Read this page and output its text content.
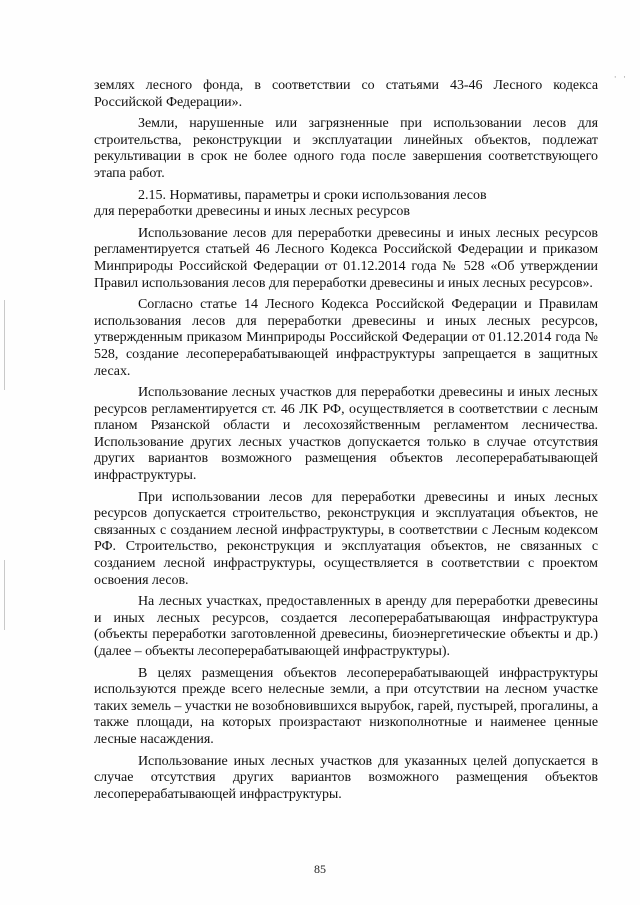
· ·

землях лесного фонда, в соответствии со статьями 43-46 Лесного кодекса Российской Федерации».

Земли, нарушенные или загрязненные при использовании лесов для строительства, реконструкции и эксплуатации линейных объектов, подлежат рекультивации в срок не более одного года после завершения соответствующего этапа работ.

2.15. Нормативы, параметры и сроки использования лесов

для переработки древесины и иных лесных ресурсов

Использование лесов для переработки древесины и иных лесных ресурсов регламентируется статьей 46 Лесного Кодекса Российской Федерации и приказом Минприроды Российской Федерации от 01.12.2014 года № 528 «Об утверждении Правил использования лесов для переработки древесины и иных лесных ресурсов».

Согласно статье 14 Лесного Кодекса Российской Федерации и Правилам использования лесов для переработки древесины и иных лесных ресурсов, утвержденным приказом Минприроды Российской Федерации от 01.12.2014 года № 528, создание лесоперерабатывающей инфраструктуры запрещается в защитных лесах.

Использование лесных участков для переработки древесины и иных лесных ресурсов регламентируется ст. 46 ЛК РФ, осуществляется в соответствии с лесным планом Рязанской области и лесохозяйственным регламентом лесничества. Использование других лесных участков допускается только в случае отсутствия других вариантов возможного размещения объектов лесоперерабатывающей инфраструктуры.

При использовании лесов для переработки древесины и иных лесных ресурсов допускается строительство, реконструкция и эксплуатация объектов, не связанных с созданием лесной инфраструктуры, в соответствии с Лесным кодексом РФ. Строительство, реконструкция и эксплуатация объектов, не связанных с созданием лесной инфраструктуры, осуществляется в соответствии с проектом освоения лесов.

На лесных участках, предоставленных в аренду для переработки древесины и иных лесных ресурсов, создается лесоперерабатывающая инфраструктура (объекты переработки заготовленной древесины, биоэнергетические объекты и др.) (далее – объекты лесоперерабатывающей инфраструктуры).

В целях размещения объектов лесоперерабатывающей инфраструктуры используются прежде всего нелесные земли, а при отсутствии на лесном участке таких земель – участки не возобновившихся вырубок, гарей, пустырей, прогалины, а также площади, на которых произрастают низкополнотные и наименее ценные лесные насаждения.

Использование иных лесных участков для указанных целей допускается в случае отсутствия других вариантов возможного размещения объектов лесоперерабатывающей инфраструктуры.

85
